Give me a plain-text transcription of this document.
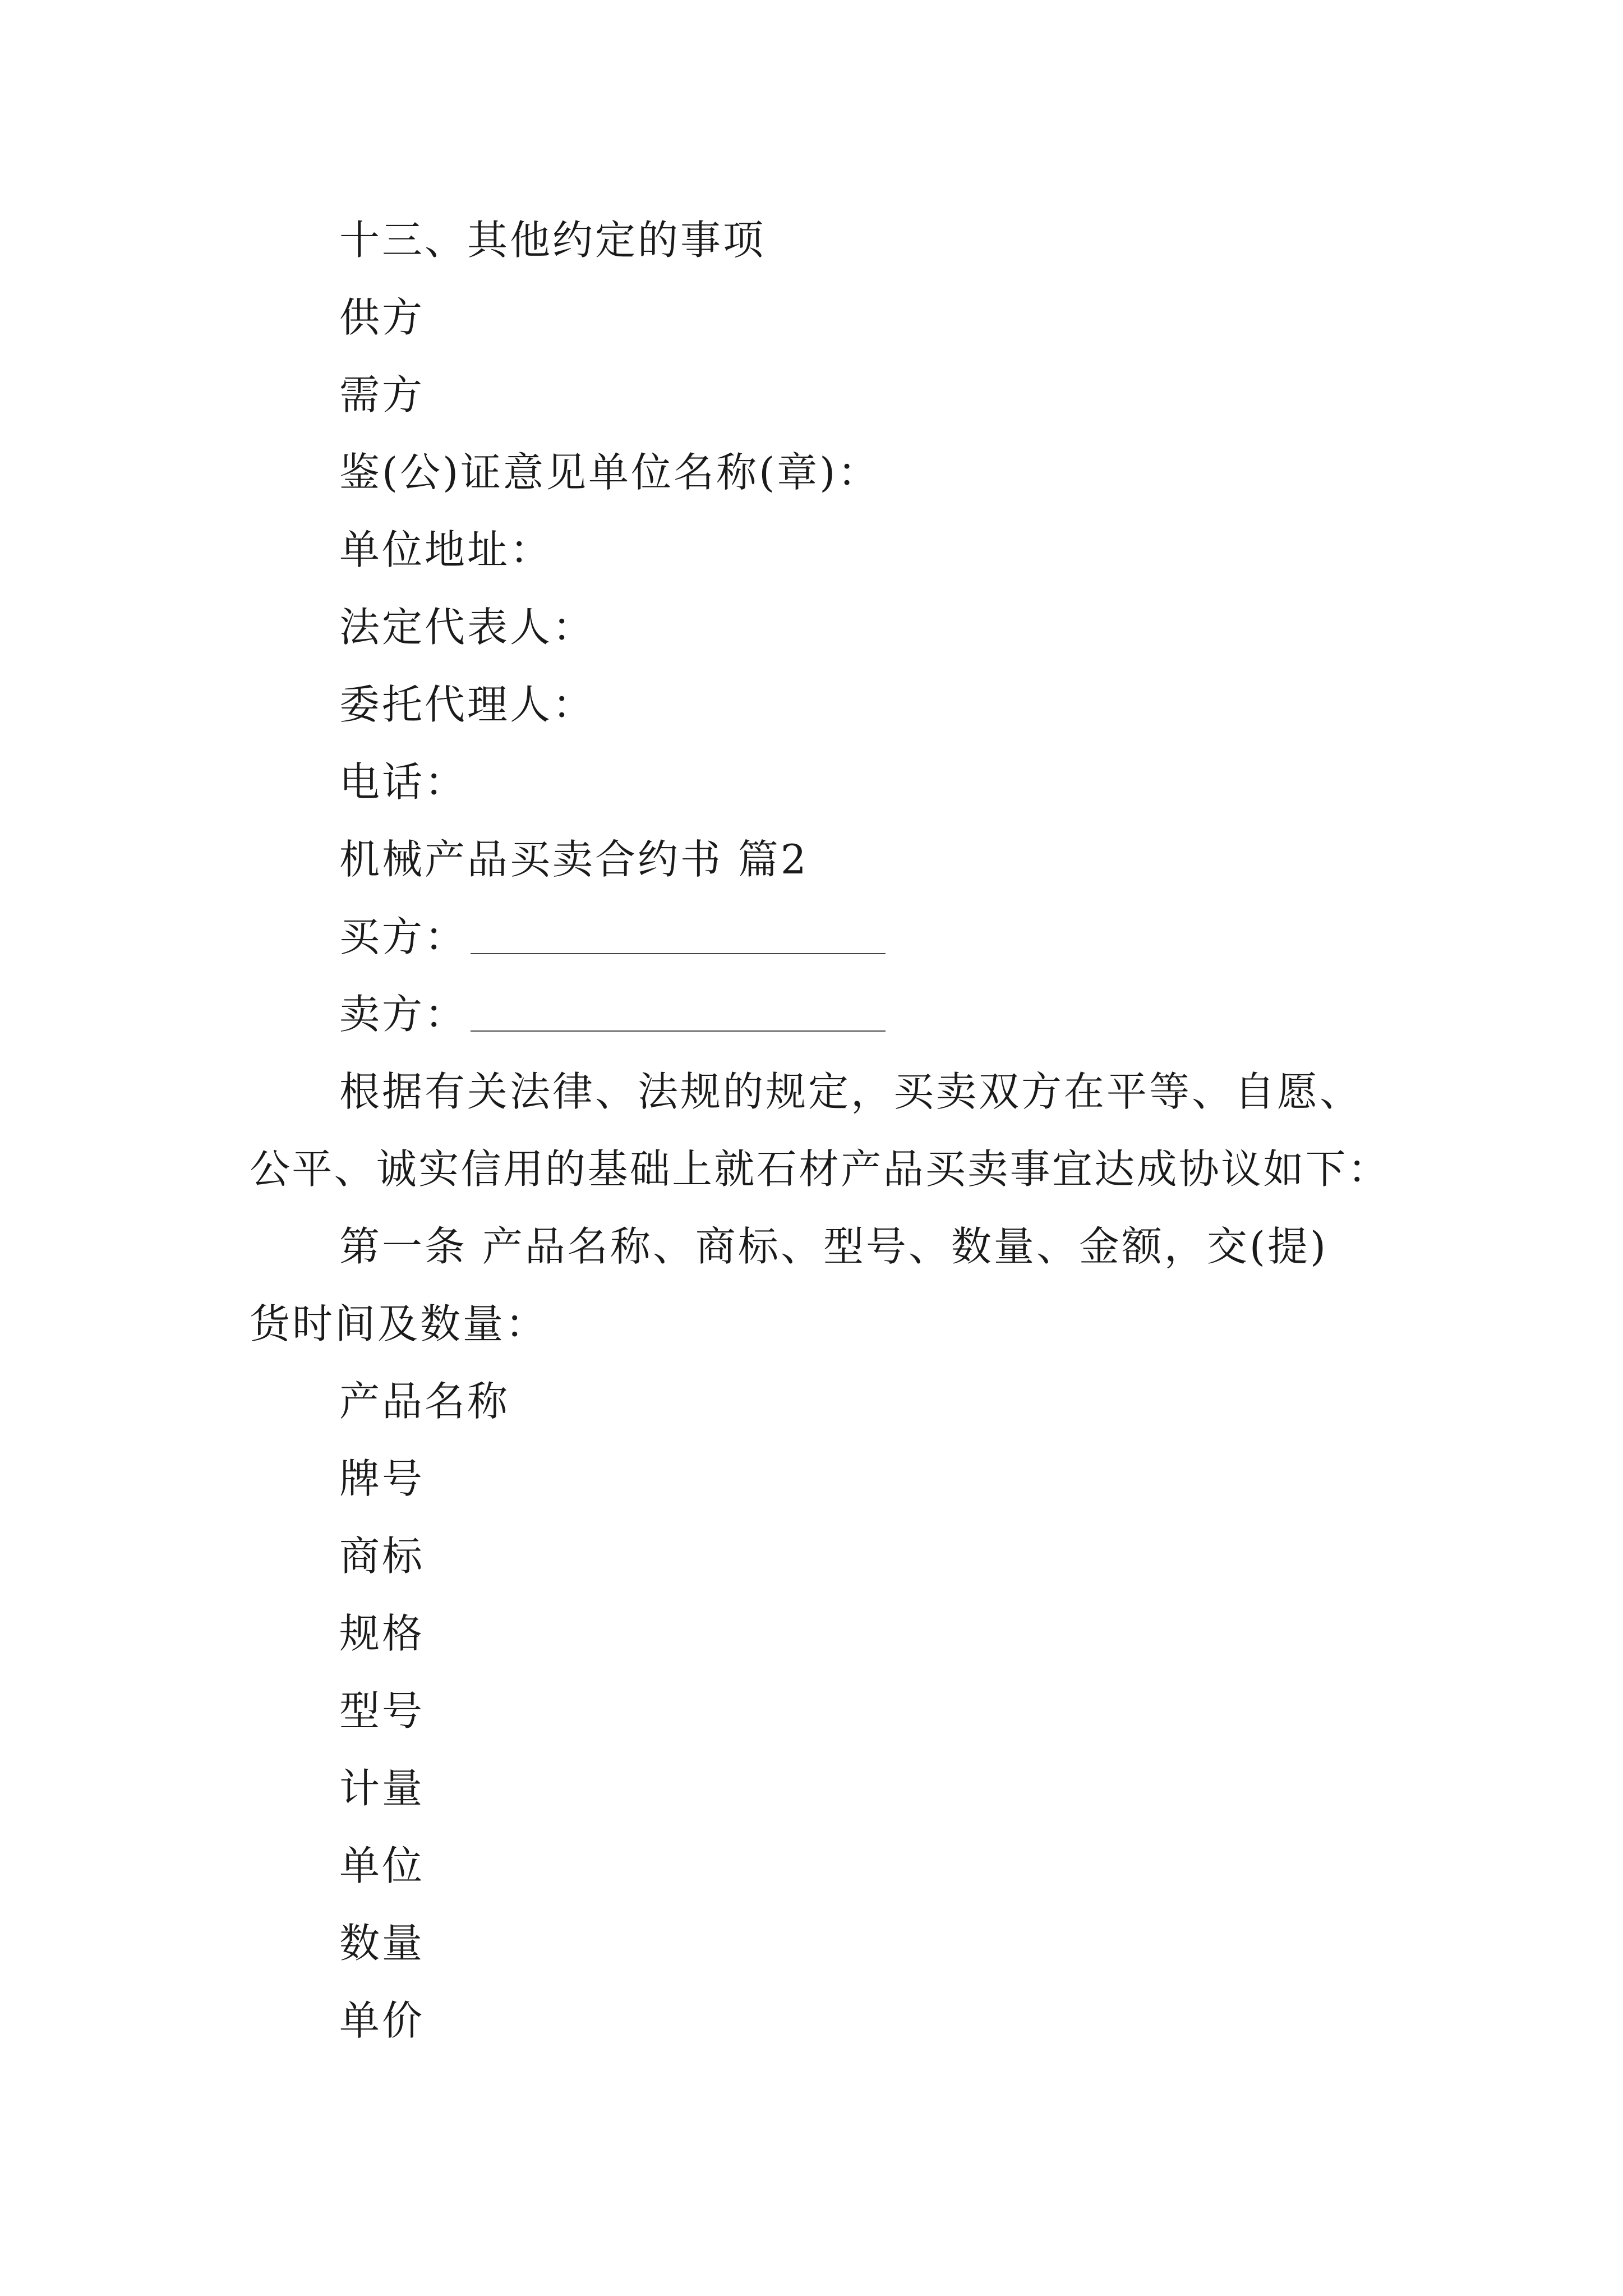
十三、其他约定的事项
供方
需方
鉴(公)证意见单位名称(章)：
单位地址：
法定代表人：
委托代理人：
电话：
机械产品买卖合约书 篇2
买方：
卖方：
根据有关法律、法规的规定，买卖双方在平等、自愿、
公平、诚实信用的基础上就石材产品买卖事宜达成协议如下：
第一条 产品名称、商标、型号、数量、金额，交(提)
货时间及数量：
产品名称
牌号
商标
规格
型号
计量
单位
数量
单价
